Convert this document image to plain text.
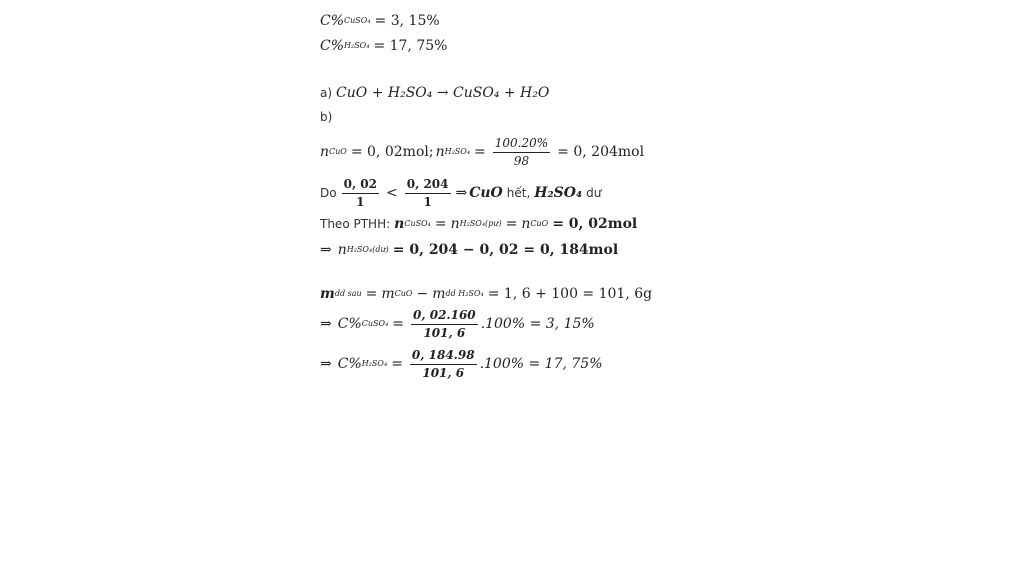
C% CuSO₄ = 3, 15%
C% H₂SO₄ = 17, 75%
a) CuO + H₂SO₄ → CuSO₄ + H₂O
b)
n CuO = 0, 02mol; n $H_2SO_4 = \frac{100.20\%}{98} = 0$, 204mol
Do $\frac{0, 02}{1} < \frac{0, 204}{1}$ ⇒ CuO hết, H₂SO₄ dư
Theo PTHH: n CuSO₄ = n H₂SO₄(pư) = n CuO = 0, 02mol
⇒ n H₂SO₄(dư) = 0, 204 − 0, 02 = 0, 184mol
m dd sau = m CuO − m dd H₂SO₄ = 1, 6 + 100 = 101, 6g
⇒ C% CuSO₄ = $\frac{0, 02.160}{101, 6} .100\% = 3$, 15%
⇒ C% $H_2SO_4 = \frac{0, 184.98}{101, 6} .100\% = 17$, 75%
